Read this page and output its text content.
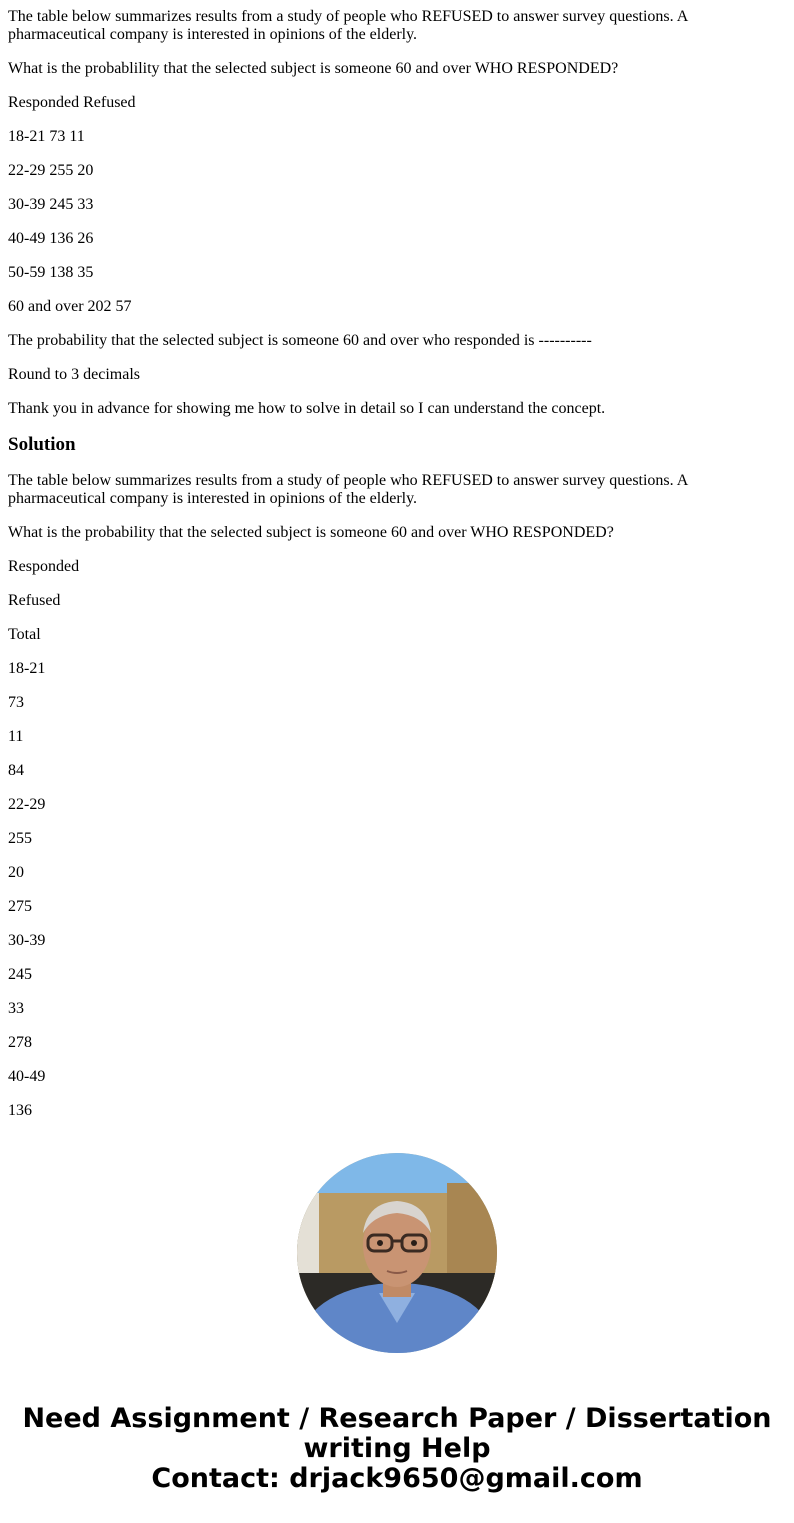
The table below summarizes results from a study of people who REFUSED to answer survey questions. A pharmaceutical company is interested in opinions of the elderly.

What is the probablility that the selected subject is someone 60 and over WHO RESPONDED?

Responded Refused

18-21 73 11

22-29 255 20

30-39 245 33

40-49 136 26

50-59 138 35

60 and over 202 57

The probability that the selected subject is someone 60 and over who responded is ----------

Round to 3 decimals

Thank you in advance for showing me how to solve in detail so I can understand the concept.

Solution

The table below summarizes results from a study of people who REFUSED to answer survey questions. A pharmaceutical company is interested in opinions of the elderly.

What is the probability that the selected subject is someone 60 and over WHO RESPONDED?

Responded

Refused

Total

18-21

73

11

84

22-29

255

20

275

30-39

245

33

278

40-49

136

Need Assignment / Research Paper / Dissertation
writing Help
Contact: drjack9650@gmail.com
